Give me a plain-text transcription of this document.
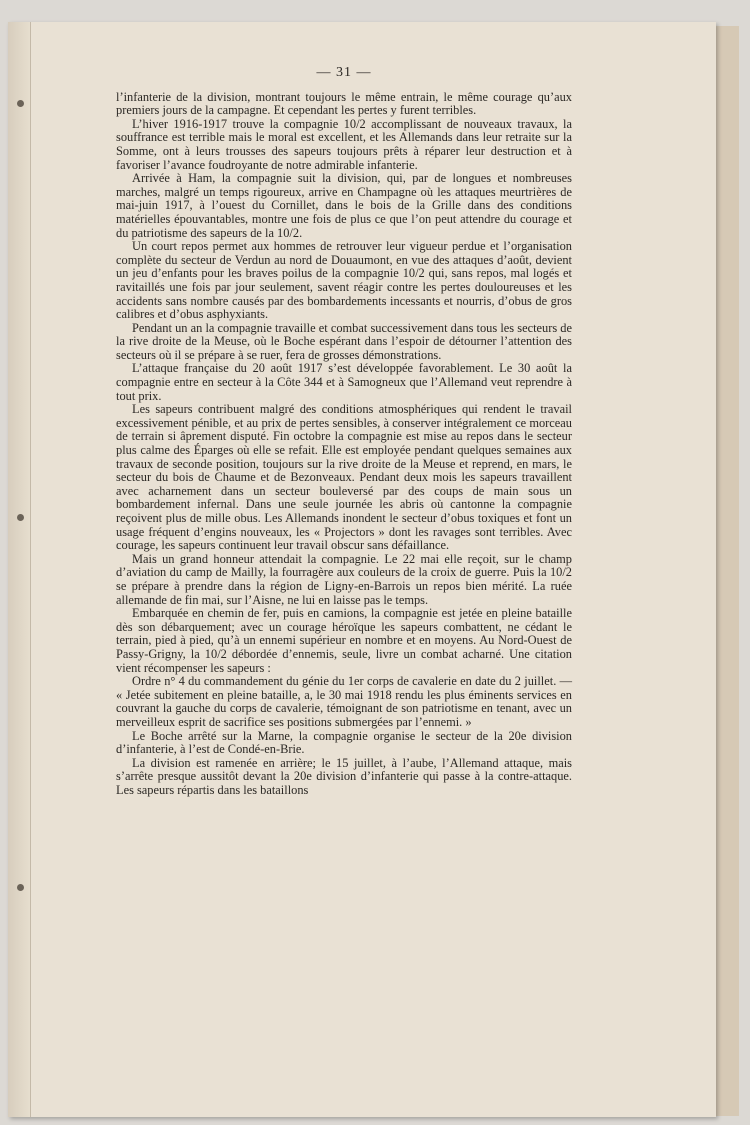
— 31 —

l’infanterie de la division, montrant toujours le même entrain, le même courage qu’aux premiers jours de la campagne. Et cependant les pertes y furent terribles.

L’hiver 1916-1917 trouve la compagnie 10/2 accomplissant de nouveaux travaux, la souffrance est terrible mais le moral est excellent, et les Allemands dans leur retraite sur la Somme, ont à leurs trousses des sapeurs toujours prêts à réparer leur destruction et à favoriser l’avance foudroyante de notre admirable infanterie.

Arrivée à Ham, la compagnie suit la division, qui, par de longues et nombreuses marches, malgré un temps rigoureux, arrive en Champagne où les attaques meurtrières de mai-juin 1917, à l’ouest du Cornillet, dans le bois de la Grille dans des conditions matérielles épouvantables, montre une fois de plus ce que l’on peut attendre du courage et du patriotisme des sapeurs de la 10/2.

Un court repos permet aux hommes de retrouver leur vigueur perdue et l’organisation complète du secteur de Verdun au nord de Douaumont, en vue des attaques d’août, devient un jeu d’enfants pour les braves poilus de la compagnie 10/2 qui, sans repos, mal logés et ravitaillés une fois par jour seulement, savent réagir contre les pertes douloureuses et les accidents sans nombre causés par des bombardements incessants et nourris, d’obus de gros calibres et d’obus asphyxiants.

Pendant un an la compagnie travaille et combat successivement dans tous les secteurs de la rive droite de la Meuse, où le Boche espérant dans l’espoir de détourner l’attention des secteurs où il se prépare à se ruer, fera de grosses démonstrations.

L’attaque française du 20 août 1917 s’est développée favorablement. Le 30 août la compagnie entre en secteur à la Côte 344 et à Samogneux que l’Allemand veut reprendre à tout prix.

Les sapeurs contribuent malgré des conditions atmosphériques qui rendent le travail excessivement pénible, et au prix de pertes sensibles, à conserver intégralement ce morceau de terrain si âprement disputé. Fin octobre la compagnie est mise au repos dans le secteur plus calme des Éparges où elle se refait. Elle est employée pendant quelques semaines aux travaux de seconde position, toujours sur la rive droite de la Meuse et reprend, en mars, le secteur du bois de Chaume et de Bezonveaux. Pendant deux mois les sapeurs travaillent avec acharnement dans un secteur bouleversé par des coups de main sous un bombardement infernal. Dans une seule journée les abris où cantonne la compagnie reçoivent plus de mille obus. Les Allemands inondent le secteur d’obus toxiques et font un usage fréquent d’engins nouveaux, les « Projectors » dont les ravages sont terribles. Avec courage, les sapeurs continuent leur travail obscur sans défaillance.

Mais un grand honneur attendait la compagnie. Le 22 mai elle reçoit, sur le champ d’aviation du camp de Mailly, la fourragère aux couleurs de la croix de guerre. Puis la 10/2 se prépare à prendre dans la région de Ligny-en-Barrois un repos bien mérité. La ruée allemande de fin mai, sur l’Aisne, ne lui en laisse pas le temps.

Embarquée en chemin de fer, puis en camions, la compagnie est jetée en pleine bataille dès son débarquement; avec un courage héroïque les sapeurs combattent, ne cédant le terrain, pied à pied, qu’à un ennemi supérieur en nombre et en moyens. Au Nord-Ouest de Passy-Grigny, la 10/2 débordée d’ennemis, seule, livre un combat acharné. Une citation vient récompenser les sapeurs :

Ordre n° 4 du commandement du génie du 1er corps de cavalerie en date du 2 juillet. — « Jetée subitement en pleine bataille, a, le 30 mai 1918 rendu les plus éminents services en couvrant la gauche du corps de cavalerie, témoignant de son patriotisme en tenant, avec un merveilleux esprit de sacrifice ses positions submergées par l’ennemi. »

Le Boche arrêté sur la Marne, la compagnie organise le secteur de la 20e division d’infanterie, à l’est de Condé-en-Brie.

La division est ramenée en arrière; le 15 juillet, à l’aube, l’Allemand attaque, mais s’arrête presque aussitôt devant la 20e division d’infanterie qui passe à la contre-attaque. Les sapeurs répartis dans les bataillons
